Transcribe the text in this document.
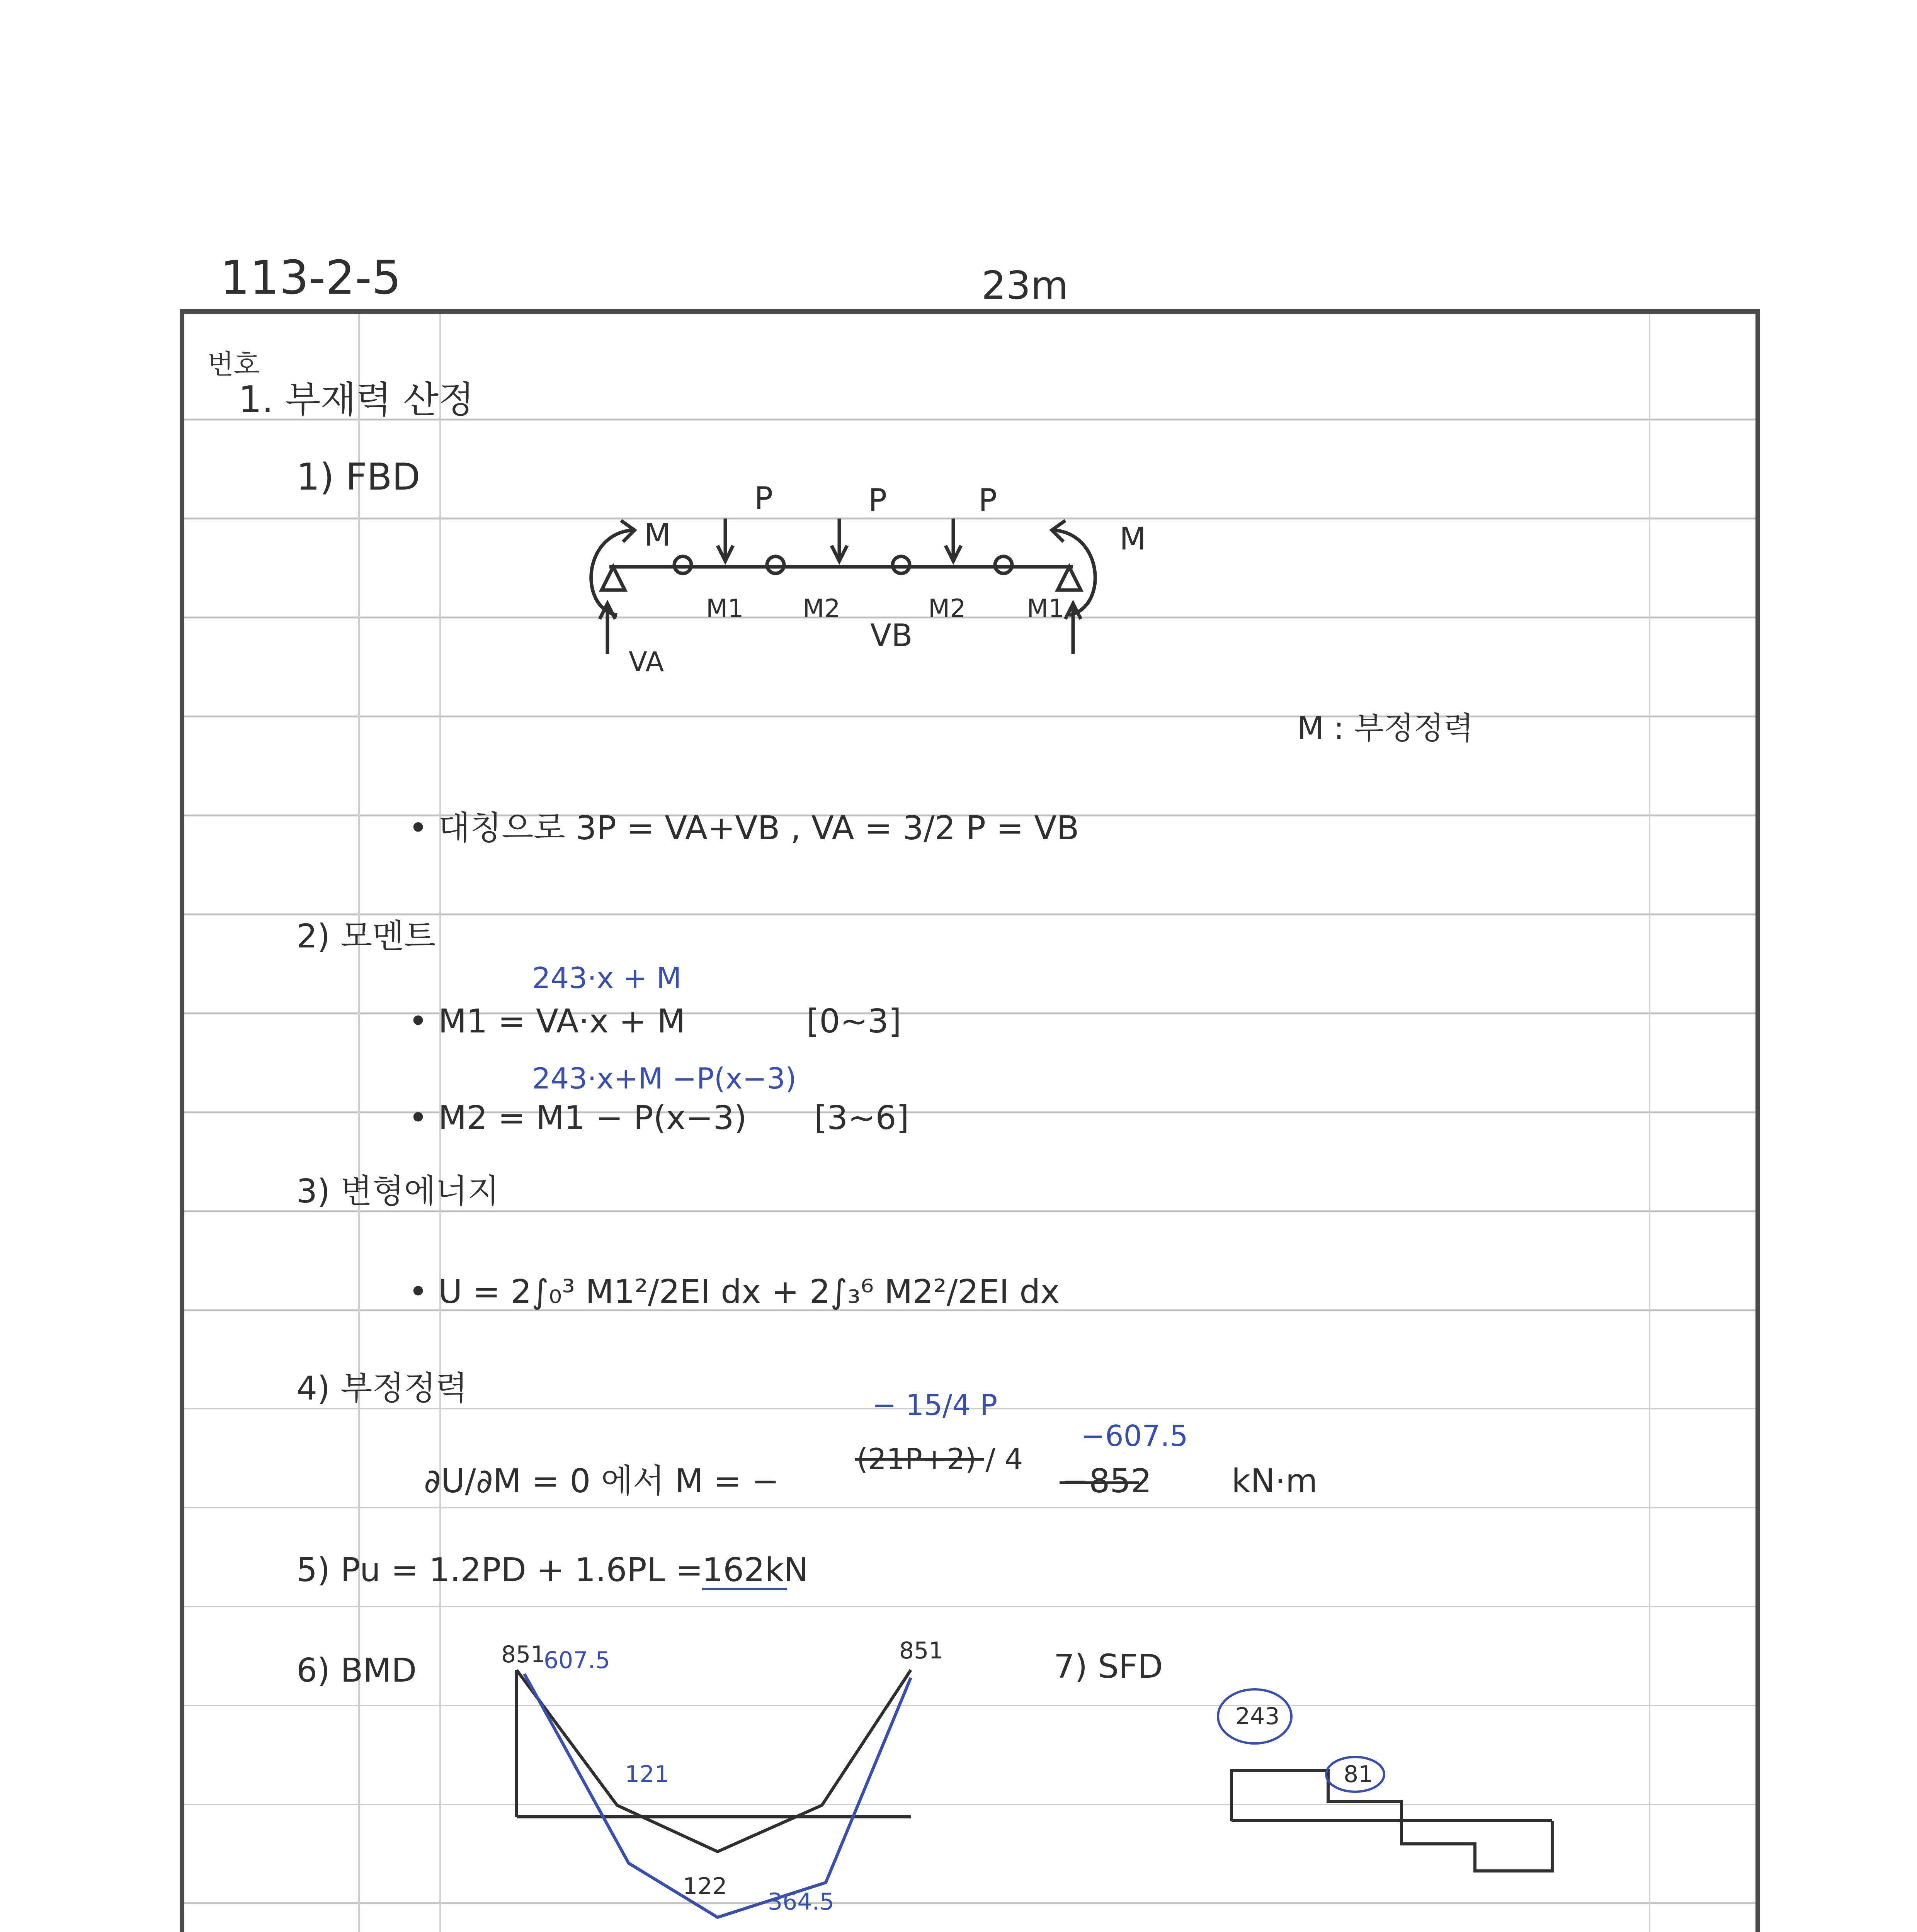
113-2-5	23m
번호
1. 부재력 산정
1) FBD
VB
P	P	P
M	M
M1 M2	M2 M1
VA
M : 부정정력
• 대칭으로 3P = VA+VB , VA = 3/2 P = VB
2) 모멘트
• M1 = VA·x + M	[0~3]
• M2 = M1 − P(x−3) [3~6]
243·x + M
243·x+M −P(x−3)
3) 변형에너지
• U = 2∫₀³ M1²/2EI dx + 2∫₃⁶ M2²/2EI dx
4) 부정정력
∂U/∂M = 0 에서 M = −
(21P+2) / 4
−852 kN·m
− 15/4 P
−607.5
5) Pu = 1.2PD + 1.6PL =
162kN
6) BMD	7) SFD
851	851
122
607.5
121
364.5
243
81
